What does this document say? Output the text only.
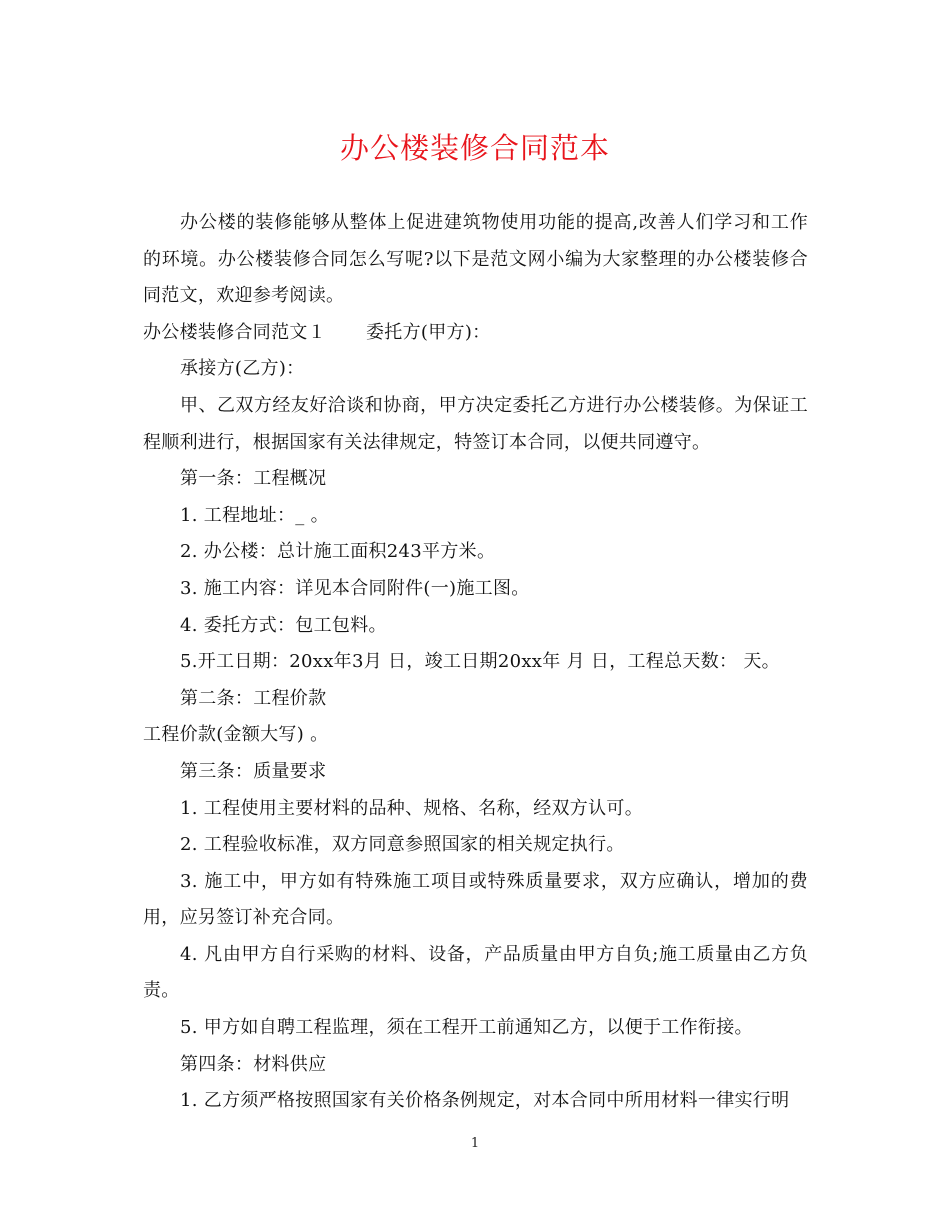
办公楼装修合同范本

办公楼的装修能够从整体上促进建筑物使用功能的提高,改善人们学习和工作的环境。办公楼装修合同怎么写呢?以下是范文网小编为大家整理的办公楼装修合同范文，欢迎参考阅读。

办公楼装修合同范文１ 委托方(甲方)：

承接方(乙方)：

甲、乙双方经友好洽谈和协商，甲方决定委托乙方进行办公楼装修。为保证工程顺利进行，根据国家有关法律规定，特签订本合同，以便共同遵守。

第一条：工程概况

1. 工程地址：_ 。

2. 办公楼：总计施工面积243平方米。

3. 施工内容：详见本合同附件(一)施工图。

4. 委托方式：包工包料。

5.开工日期：20xx年3月 日，竣工日期20xx年 月 日，工程总天数： 天。

第二条：工程价款

工程价款(金额大写) 。

第三条：质量要求

1. 工程使用主要材料的品种、规格、名称，经双方认可。

2. 工程验收标准，双方同意参照国家的相关规定执行。

3. 施工中，甲方如有特殊施工项目或特殊质量要求，双方应确认，增加的费用，应另签订补充合同。

4. 凡由甲方自行采购的材料、设备，产品质量由甲方自负;施工质量由乙方负责。

5. 甲方如自聘工程监理，须在工程开工前通知乙方，以便于工作衔接。

第四条：材料供应

1. 乙方须严格按照国家有关价格条例规定，对本合同中所用材料一律实行明

1
